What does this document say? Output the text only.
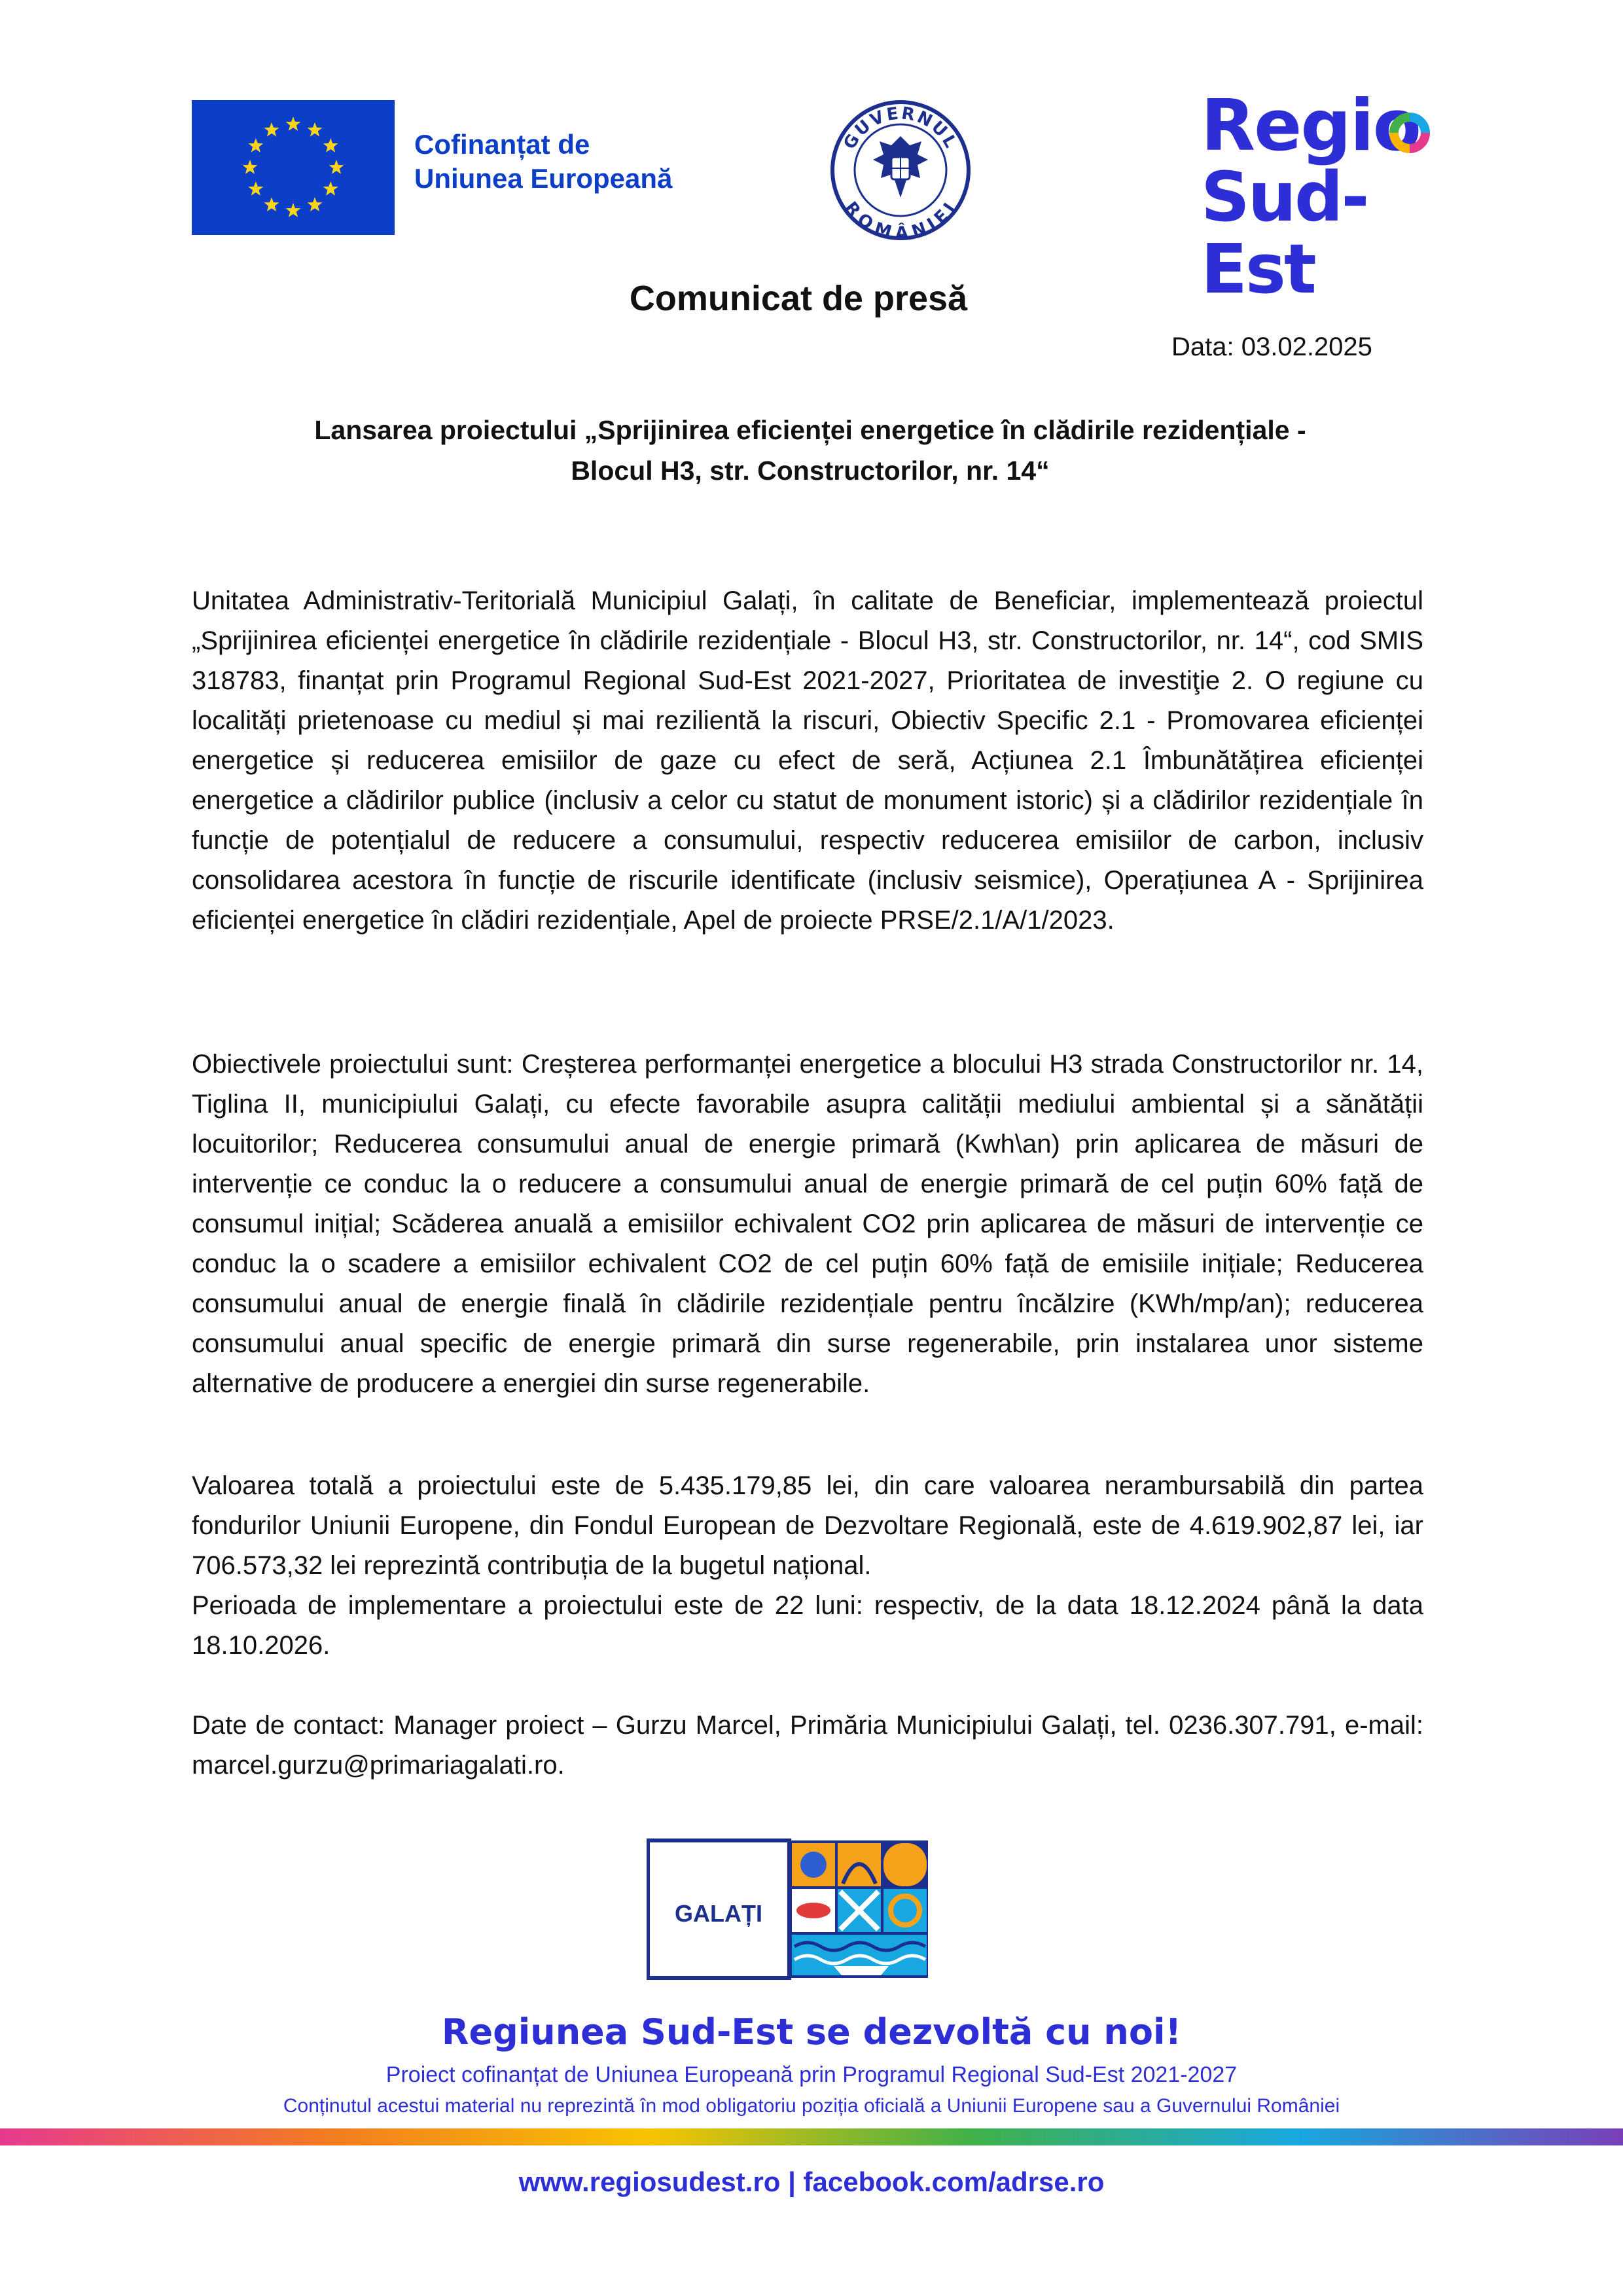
Cofinanțat de
Uniunea Europeană
GUVERNUL
ROMÂNIEI
Regio
Sud-Est
Comunicat de presă
Data: 03.02.2025
Lansarea proiectului „Sprijinirea eficienței energetice în clădirile rezidențiale -
Blocul H3, str. Constructorilor, nr. 14“
Unitatea Administrativ-Teritorială Municipiul Galați, în calitate de Beneficiar, implementează proiectul „Sprijinirea eficienței energetice în clădirile rezidențiale - Blocul H3, str. Constructorilor, nr. 14“, cod SMIS 318783, finanțat prin Programul Regional Sud-Est 2021-2027, Prioritatea de investiţie 2. O regiune cu localități prietenoase cu mediul și mai rezilientă la riscuri, Obiectiv Specific 2.1 - Promovarea eficienței energetice și reducerea emisiilor de gaze cu efect de seră, Acțiunea 2.1 Îmbunătățirea eficienței energetice a clădirilor publice (inclusiv a celor cu statut de monument istoric) și a clădirilor rezidențiale în funcție de potențialul de reducere a consumului, respectiv reducerea emisiilor de carbon, inclusiv consolidarea acestora în funcție de riscurile identificate (inclusiv seismice), Operațiunea A - Sprijinirea eficienței energetice în clădiri rezidențiale, Apel de proiecte PRSE/2.1/A/1/2023.
Obiectivele proiectului sunt: Creșterea performanței energetice a blocului H3 strada Constructorilor nr. 14, Tiglina II, municipiului Galați, cu efecte favorabile asupra calității mediului ambiental și a sănătății locuitorilor; Reducerea consumului anual de energie primară (Kwh\an) prin aplicarea de măsuri de intervenție ce conduc la o reducere a consumului anual de energie primară de cel puțin 60% față de consumul inițial; Scăderea anuală a emisiilor echivalent CO2 prin aplicarea de măsuri de intervenție ce conduc la o scadere a emisiilor echivalent CO2 de cel puțin 60% față de emisiile inițiale; Reducerea consumului anual de energie finală în clădirile rezidențiale pentru încălzire (KWh/mp/an); reducerea consumului anual specific de energie primară din surse regenerabile, prin instalarea unor sisteme alternative de producere a energiei din surse regenerabile.
Valoarea totală a proiectului este de 5.435.179,85 lei, din care valoarea nerambursabilă din partea fondurilor Uniunii Europene, din Fondul European de Dezvoltare Regională, este de 4.619.902,87 lei, iar 706.573,32 lei reprezintă contribuția de la bugetul național.
Perioada de implementare a proiectului este de 22 luni: respectiv, de la data 18.12.2024 până la data 18.10.2026.
Date de contact: Manager proiect – Gurzu Marcel, Primăria Municipiului Galați, tel. 0236.307.791, e-mail: marcel.gurzu@primariagalati.ro.
GALAȚI
Regiunea Sud-Est se dezvoltă cu noi!
Proiect cofinanțat de Uniunea Europeană prin Programul Regional Sud-Est 2021-2027
Conținutul acestui material nu reprezintă în mod obligatoriu poziția oficială a Uniunii Europene sau a Guvernului României
www.regiosudest.ro | facebook.com/adrse.ro
